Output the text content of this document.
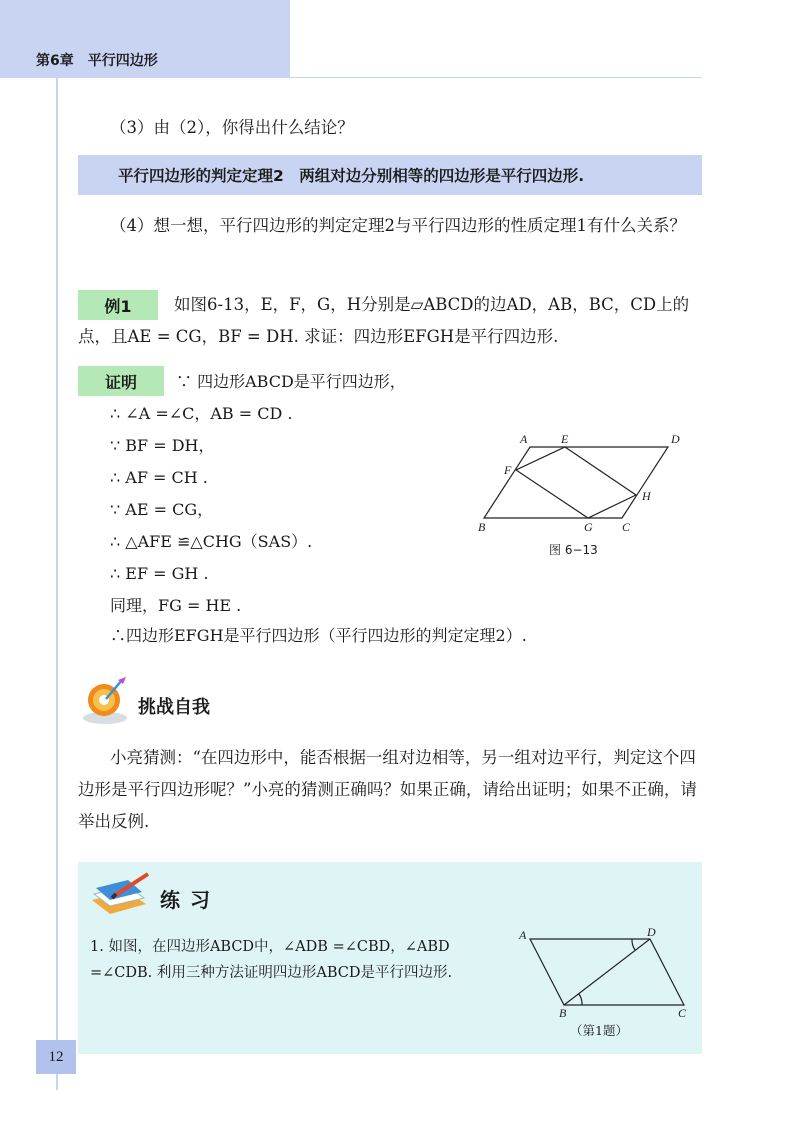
第6章　平行四边形
（3）由（2），你得出什么结论？
平行四边形的判定定理2　两组对边分别相等的四边形是平行四边形.
（4）想一想，平行四边形的判定定理2与平行四边形的性质定理1有什么关系？
例1	如图6-13，E，F，G，H分别是▱ABCD的边AD，AB，BC，CD上的点，且AE = CG，BF = DH. 求证：四边形EFGH是平行四边形.
证明	∵ 四边形ABCD是平行四边形，
∴ ∠A =∠C，AB = CD .
∵ BF = DH，
∴ AF = CH .
∵ AE = CG，
∴ △AFE ≌△CHG（SAS）.
∴ EF = GH .
同理，FG = HE .
∴四边形EFGH是平行四边形（平行四边形的判定定理2）.
A	E	D
F
H
B	G C
图 6−13
挑战自我
小亮猜测：“在四边形中，能否根据一组对边相等，另一组对边平行，判定这个四边形是平行四边形呢？”小亮的猜测正确吗？如果正确，请给出证明；如果不正确，请举出反例.
练习
1. 如图，在四边形ABCD中，∠ADB =∠CBD，∠ABD =∠CDB. 利用三种方法证明四边形ABCD是平行四边形.
A	D
B	C
（第1题）
12
